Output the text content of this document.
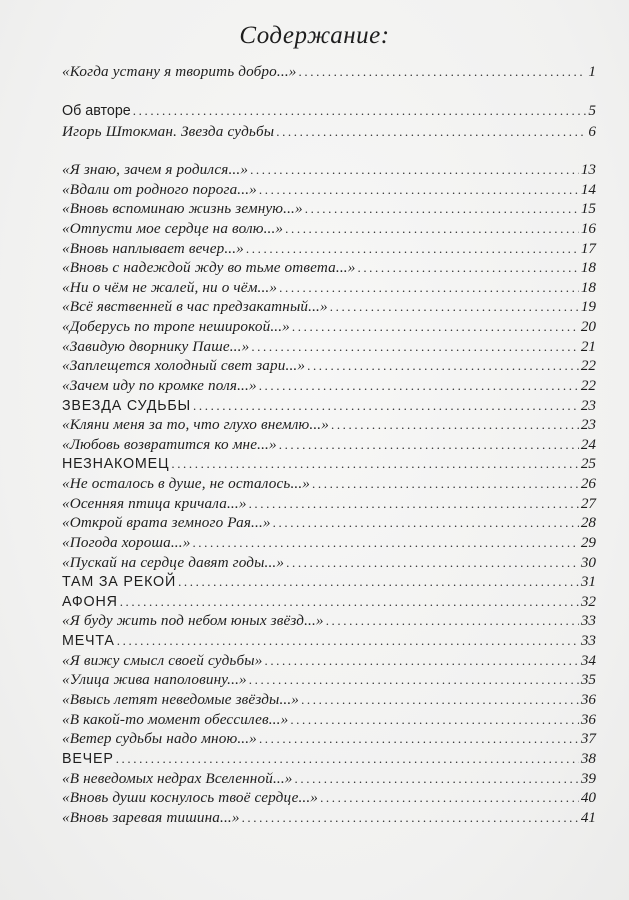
Содержание:
«Когда устану я творить добро...» .....	1
Об авторе .....	5
Игорь Штокман. Звезда судьбы .....	6
«Я знаю, зачем я родился...» .....	13
«Вдали от родного порога...» .....	14
«Вновь вспоминаю жизнь земную...» .....	15
«Отпусти мое сердце на волю...» .....	16
«Вновь наплывает вечер...» .....	17
«Вновь с надеждой жду во тьме ответа...» .....	18
«Ни о чём не жалей, ни о чём...» .....	18
«Всё явственней в час предзакатный...» .....	19
«Доберусь по тропе неширокой...» .....	20
«Завидую дворнику Паше...» .....	21
«Заплещется холодный свет зари...» .....	22
«Зачем иду по кромке поля...» .....	22
ЗВЕЗДА СУДЬБЫ .....	23
«Кляни меня за то, что глухо внемлю...» .....	23
«Любовь возвратится ко мне...» .....	24
НЕЗНАКОМЕЦ .....	25
«Не осталось в душе, не осталось...» .....	26
«Осенняя птица кричала...» .....	27
«Открой врата земного Рая...» .....	28
«Погода хороша...» .....	29
«Пускай на сердце давят годы...» .....	30
ТАМ ЗА РЕКОЙ .....	31
АФОНЯ .....	32
«Я буду жить под небом юных звёзд...» .....	33
МЕЧТА .....	33
«Я вижу смысл своей судьбы» .....	34
«Улица жива наполовину...» .....	35
«Ввысь летят неведомые звёзды...» .....	36
«В какой-то момент обессилев...» .....	36
«Ветер судьбы надо мною...» .....	37
ВЕЧЕР .....	38
«В неведомых недрах Вселенной...» .....	39
«Вновь души коснулось твоё сердце...» .....	40
«Вновь заревая тишина...» .....	41
